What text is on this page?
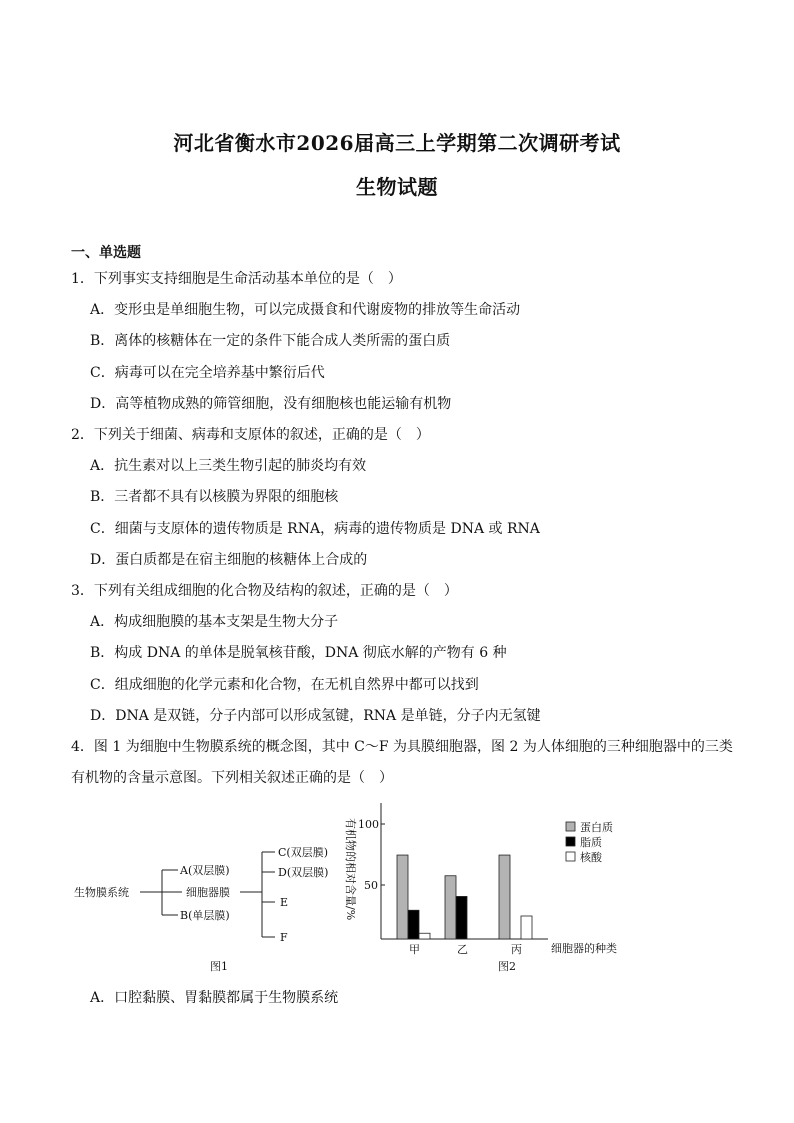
河北省衡水市2026届高三上学期第二次调研考试
生物试题
一、单选题
1．下列事实支持细胞是生命活动基本单位的是（　）
A．变形虫是单细胞生物，可以完成摄食和代谢废物的排放等生命活动
B．离体的核糖体在一定的条件下能合成人类所需的蛋白质
C．病毒可以在完全培养基中繁衍后代
D．高等植物成熟的筛管细胞，没有细胞核也能运输有机物
2．下列关于细菌、病毒和支原体的叙述，正确的是（　）
A．抗生素对以上三类生物引起的肺炎均有效
B．三者都不具有以核膜为界限的细胞核
C．细菌与支原体的遗传物质是 RNA，病毒的遗传物质是 DNA 或 RNA
D．蛋白质都是在宿主细胞的核糖体上合成的
3．下列有关组成细胞的化合物及结构的叙述，正确的是（　）
A．构成细胞膜的基本支架是生物大分子
B．构成 DNA 的单体是脱氧核苷酸，DNA 彻底水解的产物有 6 种
C．组成细胞的化学元素和化合物，在无机自然界中都可以找到
D．DNA 是双链，分子内部可以形成氢键，RNA 是单链，分子内无氢键
4．图 1 为细胞中生物膜系统的概念图，其中 C～F 为具膜细胞器，图 2 为人体细胞的三种细胞器中的三类
有机物的含量示意图。下列相关叙述正确的是（　）
生物膜系统
A(双层膜)
细胞器膜
B(单层膜)
C(双层膜)
D(双层膜)
E
F
图1
有机物的相对含量/% 100
50
甲	乙	丙	细胞器的种类
图2
蛋白质
脂质
核酸
A．口腔黏膜、胃黏膜都属于生物膜系统
